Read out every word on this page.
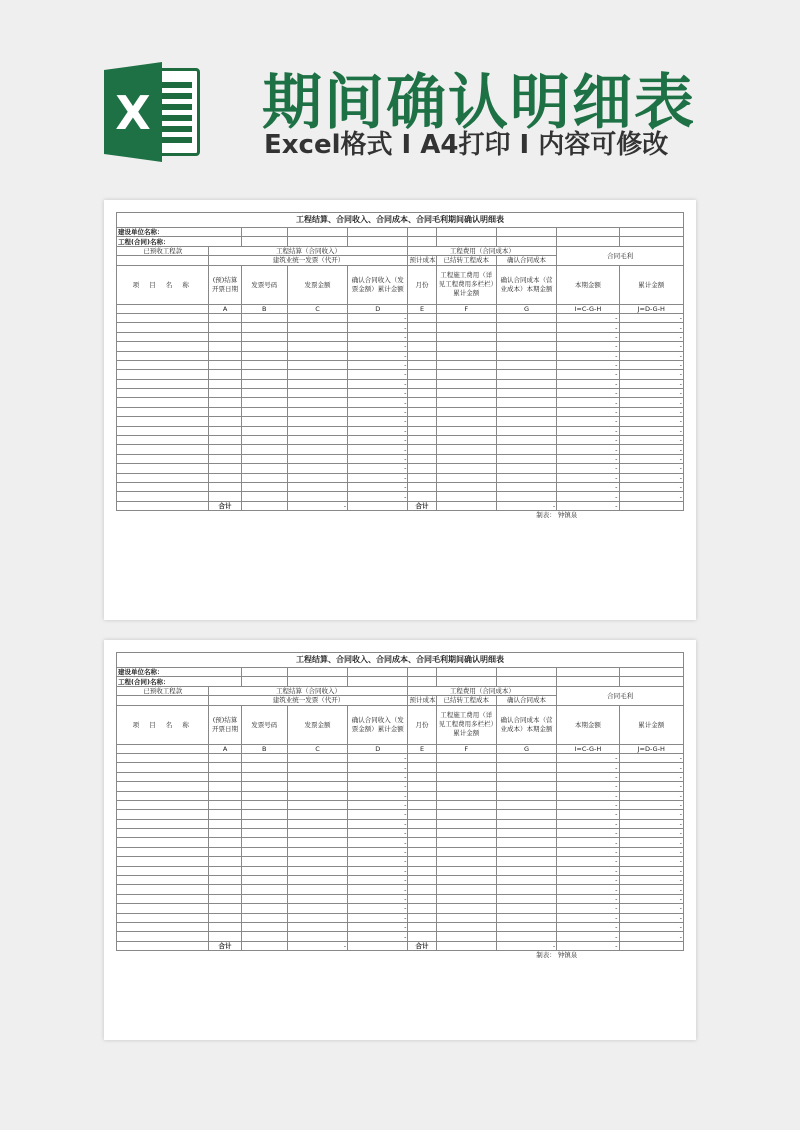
X 期间确认明细表
Excel格式 Ⅰ A4打印 Ⅰ 内容可修改
工程结算、合同收入、合同成本、合同毛利期间确认明细表									
建设单位名称：									
工程(合同)名称：									
已预收工程款	工程结算（合同收入）				工程费用（合同成本）			合同毛利	
	建筑业统一发票（代开）				预计成本	已结转工程成本	确认合同成本		
项 目 名 称	(预)结算开票日期	发票号码	发票金额	确认合同收入（发票金额）累计金额	月份	工程施工费用（详见工程费用多栏栏）累计金额	确认合同成本（营业成本）本期金额	本期金额	累计金额
	A	B	C	D	E	F	G	I=C-G-H	J=D-G-H
				-				-	-
				-				-	-
				-				-	-
				-				-	-
				-				-	-
				-				-	-
				-				-	-
				-				-	-
				-				-	-
				-				-	-
				-				-	-
				-				-	-
				-				-	-
				-				-	-
				-				-	-
				-				-	-
				-				-	-
				-				-	-
				-				-	-
				-				-	-
	合计		-		合计		-	-	
							制表：	钟镇泉	
工程结算、合同收入、合同成本、合同毛利期间确认明细表									
建设单位名称：									
工程(合同)名称：									
已预收工程款	工程结算（合同收入）				工程费用（合同成本）			合同毛利	
	建筑业统一发票（代开）				预计成本	已结转工程成本	确认合同成本		
项 目 名 称	(预)结算开票日期	发票号码	发票金额	确认合同收入（发票金额）累计金额	月份	工程施工费用（详见工程费用多栏栏）累计金额	确认合同成本（营业成本）本期金额	本期金额	累计金额
	A	B	C	D	E	F	G	I=C-G-H	J=D-G-H
				-				-	-
				-				-	-
				-				-	-
				-				-	-
				-				-	-
				-				-	-
				-				-	-
				-				-	-
				-				-	-
				-				-	-
				-				-	-
				-				-	-
				-				-	-
				-				-	-
				-				-	-
				-				-	-
				-				-	-
				-				-	-
				-				-	-
				-				-	-
	合计		-		合计		-	-	
							制表：	钟镇泉	
